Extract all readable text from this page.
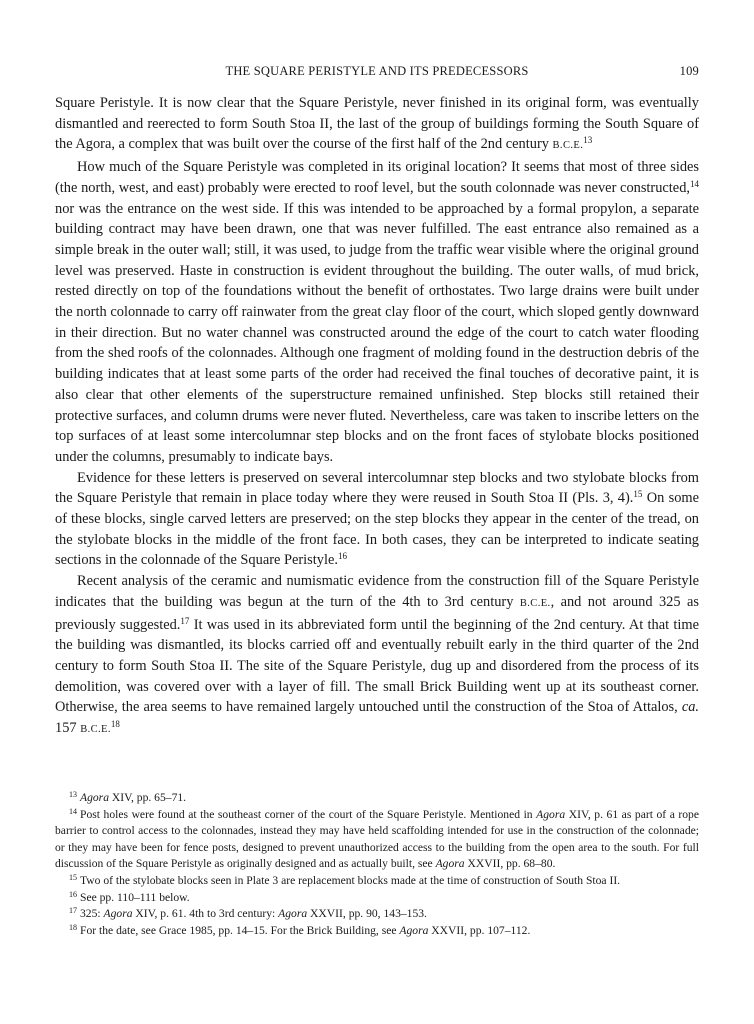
THE SQUARE PERISTYLE AND ITS PREDECESSORS	109

Square Peristyle. It is now clear that the Square Peristyle, never finished in its original form, was eventually dismantled and reerected to form South Stoa II, the last of the group of buildings forming the South Square of the Agora, a complex that was built over the course of the first half of the 2nd century B.C.E.$^{13}$

How much of the Square Peristyle was completed in its original location? It seems that most of three sides (the north, west, and east) probably were erected to roof level, but the south colonnade was never constructed,$^{14}$ nor was the entrance on the west side. If this was intended to be approached by a formal propylon, a separate building contract may have been drawn, one that was never fulfilled. The east entrance also remained as a simple break in the outer wall; still, it was used, to judge from the traffic wear visible where the original ground level was preserved. Haste in construction is evident throughout the building. The outer walls, of mud brick, rested directly on top of the foundations without the benefit of orthostates. Two large drains were built under the north colonnade to carry off rainwater from the great clay floor of the court, which sloped gently downward in their direction. But no water channel was constructed around the edge of the court to catch water flooding from the shed roofs of the colonnades. Although one fragment of molding found in the destruction debris of the building indicates that at least some parts of the order had received the final touches of decorative paint, it is also clear that other elements of the superstructure remained unfinished. Step blocks still retained their protective surfaces, and column drums were never fluted. Nevertheless, care was taken to inscribe letters on the top surfaces of at least some intercolumnar step blocks and on the front faces of stylobate blocks positioned under the columns, presumably to indicate bays.

Evidence for these letters is preserved on several intercolumnar step blocks and two stylobate blocks from the Square Peristyle that remain in place today where they were reused in South Stoa II (Pls. 3, 4).$^{15}$ On some of these blocks, single carved letters are preserved; on the step blocks they appear in the center of the tread, on the stylobate blocks in the middle of the front face. In both cases, they can be interpreted to indicate seating sections in the colonnade of the Square Peristyle.$^{16}$

Recent analysis of the ceramic and numismatic evidence from the construction fill of the Square Peristyle indicates that the building was begun at the turn of the 4th to 3rd century B.C.E., and not around 325 as previously suggested.$^{17}$ It was used in its abbreviated form until the beginning of the 2nd century. At that time the building was dismantled, its blocks carried off and eventually rebuilt early in the third quarter of the 2nd century to form South Stoa II. The site of the Square Peristyle, dug up and disordered from the process of its demolition, was covered over with a layer of fill. The small Brick Building went up at its southeast corner. Otherwise, the area seems to have remained largely untouched until the construction of the Stoa of Attalos, ca. 157 B.C.E.$^{18}$

$^{13}$ Agora XIV, pp. 65–71.

$^{14}$ Post holes were found at the southeast corner of the court of the Square Peristyle. Mentioned in Agora XIV, p. 61 as part of a rope barrier to control access to the colonnades, instead they may have held scaffolding intended for use in the construction of the colonnade; or they may have been for fence posts, designed to prevent unauthorized access to the building from the open area to the south. For full discussion of the Square Peristyle as originally designed and as actually built, see Agora XXVII, pp. 68–80.

$^{15}$ Two of the stylobate blocks seen in Plate 3 are replacement blocks made at the time of construction of South Stoa II.

$^{16}$ See pp. 110–111 below.

$^{17}$ 325: Agora XIV, p. 61. 4th to 3rd century: Agora XXVII, pp. 90, 143–153.

$^{18}$ For the date, see Grace 1985, pp. 14–15. For the Brick Building, see Agora XXVII, pp. 107–112.
